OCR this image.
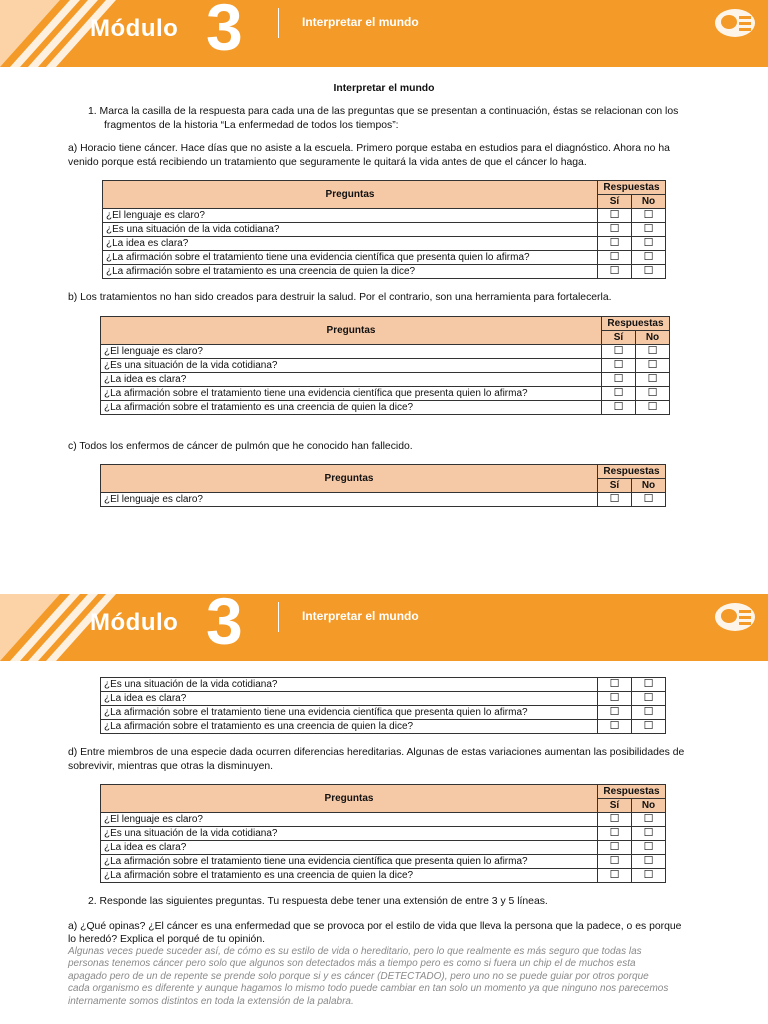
Módulo 3	Interpretar el mundo
Interpretar el mundo
1. Marca la casilla de la respuesta para cada una de las preguntas que se presentan a continuación, éstas se relacionan con los
fragmentos de la historia “La enfermedad de todos los tiempos”:
a) Horacio tiene cáncer. Hace días que no asiste a la escuela. Primero porque estaba en estudios para el diagnóstico. Ahora no ha
venido porque está recibiendo un tratamiento que seguramente le quitará la vida antes de que el cáncer lo haga.
Preguntas	Respuestas	
	Sí	No
¿El lenguaje es claro?	☐	☐
¿Es una situación de la vida cotidiana?	☐	☐
¿La idea es clara?	☐	☐
¿La afirmación sobre el tratamiento tiene una evidencia científica que presenta quien lo afirma?	☐	☐
¿La afirmación sobre el tratamiento es una creencia de quien la dice?	☐	☐
b) Los tratamientos no han sido creados para destruir la salud. Por el contrario, son una herramienta para fortalecerla.
Preguntas	Respuestas	
	Sí	No
¿El lenguaje es claro?	☐	☐
¿Es una situación de la vida cotidiana?	☐	☐
¿La idea es clara?	☐	☐
¿La afirmación sobre el tratamiento tiene una evidencia científica que presenta quien lo afirma?	☐	☐
¿La afirmación sobre el tratamiento es una creencia de quien la dice?	☐	☐
c) Todos los enfermos de cáncer de pulmón que he conocido han fallecido.
Preguntas	Respuestas	
	Sí	No
¿El lenguaje es claro?	☐	☐
Módulo 3	Interpretar el mundo
¿Es una situación de la vida cotidiana?	☐	☐
¿La idea es clara?	☐	☐
¿La afirmación sobre el tratamiento tiene una evidencia científica que presenta quien lo afirma?	☐	☐
¿La afirmación sobre el tratamiento es una creencia de quien la dice?	☐	☐
d) Entre miembros de una especie dada ocurren diferencias hereditarias. Algunas de estas variaciones aumentan las posibilidades de
sobrevivir, mientras que otras la disminuyen.
Preguntas	Respuestas	
	Sí	No
¿El lenguaje es claro?	☐	☐
¿Es una situación de la vida cotidiana?	☐	☐
¿La idea es clara?	☐	☐
¿La afirmación sobre el tratamiento tiene una evidencia científica que presenta quien lo afirma?	☐	☐
¿La afirmación sobre el tratamiento es una creencia de quien la dice?	☐	☐
2. Responde las siguientes preguntas. Tu respuesta debe tener una extensión de entre 3 y 5 líneas.
a) ¿Qué opinas? ¿El cáncer es una enfermedad que se provoca por el estilo de vida que lleva la persona que la padece, o es porque
lo heredó? Explica el porqué de tu opinión.
Algunas veces puede suceder así, de cómo es su estilo de vida o hereditario, pero lo que realmente es más seguro que todas las
personas tenemos cáncer pero solo que algunos son detectados más a tiempo pero es como si fuera un chip el de muchos esta
apagado pero de un de repente se prende solo porque si y es cáncer (DETECTADO), pero uno no se puede guiar por otros porque
cada organismo es diferente y aunque hagamos lo mismo todo puede cambiar en tan solo un momento ya que ninguno nos parecemos
internamente somos distintos en toda la extensión de la palabra.
